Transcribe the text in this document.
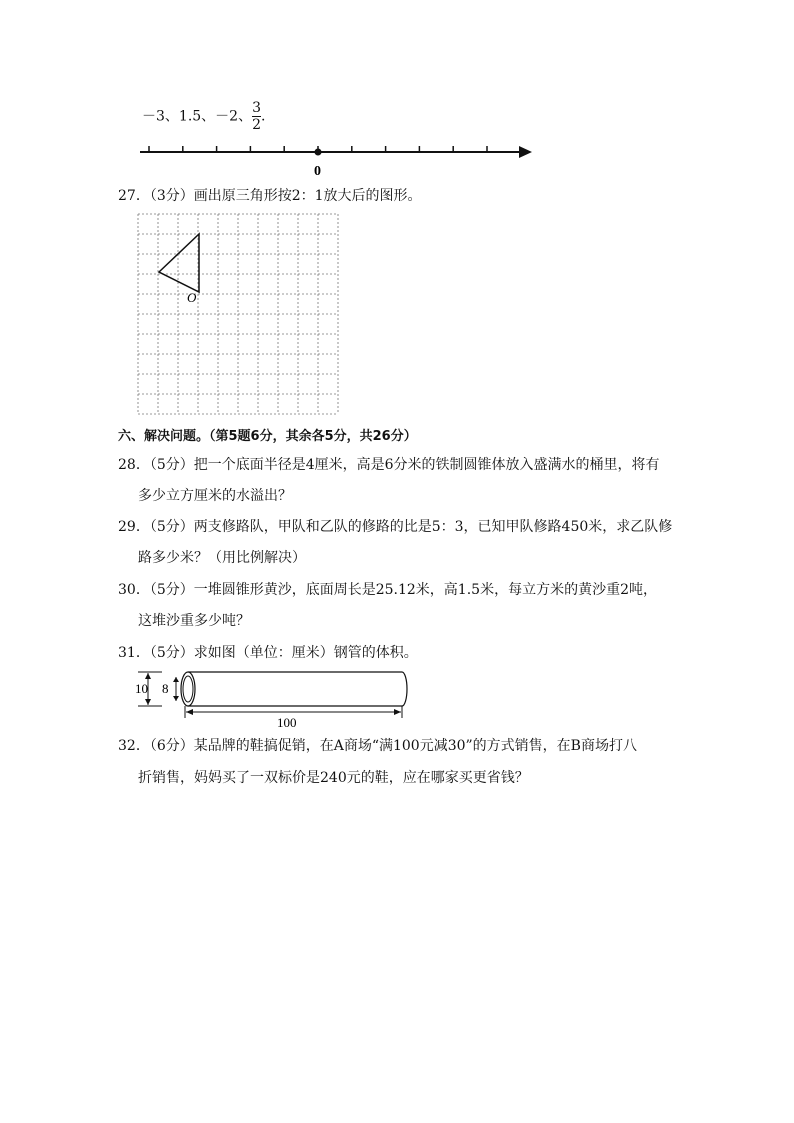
－3、1.5、－2、 $\frac{3}{2}$ .
0
27．（3分）画出原三角形按2：1放大后的图形。
O
六、解决问题。（第5题6分，其余各5分，共26分）
28．（5分）把一个底面半径是4厘米，高是6分米的铁制圆锥体放入盛满水的桶里，将有
多少立方厘米的水溢出？
29．（5分）两支修路队，甲队和乙队的修路的比是5：3，已知甲队修路450米，求乙队修
路多少米？（用比例解决）
30．（5分）一堆圆锥形黄沙，底面周长是25.12米，高1.5米，每立方米的黄沙重2吨，
这堆沙重多少吨？
31．（5分）求如图（单位：厘米）钢管的体积。
10 8
100
32．（6分）某品牌的鞋搞促销，在A商场“满100元减30”的方式销售，在B商场打八
折销售，妈妈买了一双标价是240元的鞋，应在哪家买更省钱？
